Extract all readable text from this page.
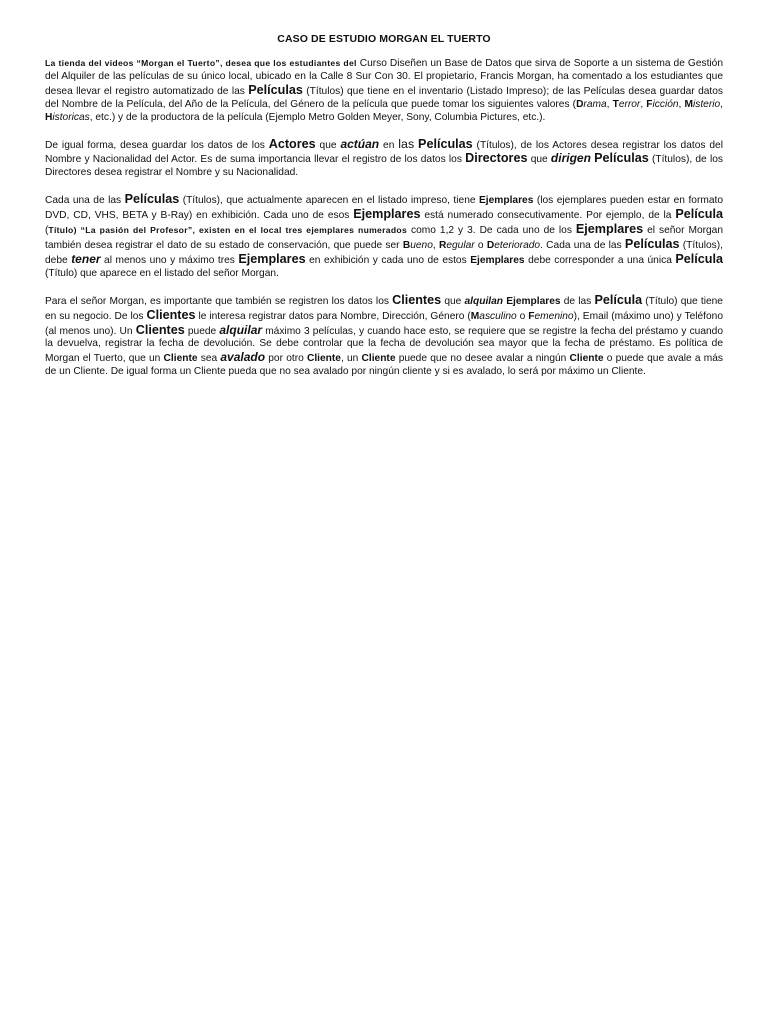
CASO DE ESTUDIO MORGAN EL TUERTO

La tienda del videos “Morgan el Tuerto”, desea que los estudiantes del Curso Diseñen un Base de Datos que sirva de Soporte a un sistema de Gestión del Alquiler de las películas de su único local, ubicado en la Calle 8 Sur Con 30. El propietario, Francis Morgan, ha comentado a los estudiantes que desea llevar el registro automatizado de las Películas (Títulos) que tiene en el inventario (Listado Impreso); de las Películas desea guardar datos del Nombre de la Película, del Año de la Película, del Género de la película que puede tomar los siguientes valores (Drama, Terror, Ficción, Misterio, Historicas, etc.) y de la productora de la película (Ejemplo Metro Golden Meyer, Sony, Columbia Pictures, etc.).

De igual forma, desea guardar los datos de los Actores que actúan en las Películas (Títulos), de los Actores desea registrar los datos del Nombre y Nacionalidad del Actor. Es de suma importancia llevar el registro de los datos los Directores que dirigen Películas (Títulos), de los Directores desea registrar el Nombre y su Nacionalidad.

Cada una de las Películas (Títulos), que actualmente aparecen en el listado impreso, tiene Ejemplares (los ejemplares pueden estar en formato DVD, CD, VHS, BETA y B-Ray) en exhibición. Cada uno de esos Ejemplares está numerado consecutivamente. Por ejemplo, de la Película (Título) “La pasión del Profesor”, existen en el local tres ejemplares numerados como 1,2 y 3. De cada uno de los Ejemplares el señor Morgan también desea registrar el dato de su estado de conservación, que puede ser Bueno, Regular o Deteriorado. Cada una de las Películas (Títulos), debe tener al menos uno y máximo tres Ejemplares en exhibición y cada uno de estos Ejemplares debe corresponder a una única Película (Título) que aparece en el listado del señor Morgan.

Para el señor Morgan, es importante que también se registren los datos los Clientes que alquilan Ejemplares de las Película (Título) que tiene en su negocio. De los Clientes le interesa registrar datos para Nombre, Dirección, Género (Masculino o Femenino), Email (máximo uno) y Teléfono (al menos uno). Un Clientes puede alquilar máximo 3 películas, y cuando hace esto, se requiere que se registre la fecha del préstamo y cuando la devuelva, registrar la fecha de devolución. Se debe controlar que la fecha de devolución sea mayor que la fecha de préstamo. Es política de Morgan el Tuerto, que un Cliente sea avalado por otro Cliente, un Cliente puede que no desee avalar a ningún Cliente o puede que avale a más de un Cliente. De igual forma un Cliente pueda que no sea avalado por ningún cliente y si es avalado, lo será por máximo un Cliente.
